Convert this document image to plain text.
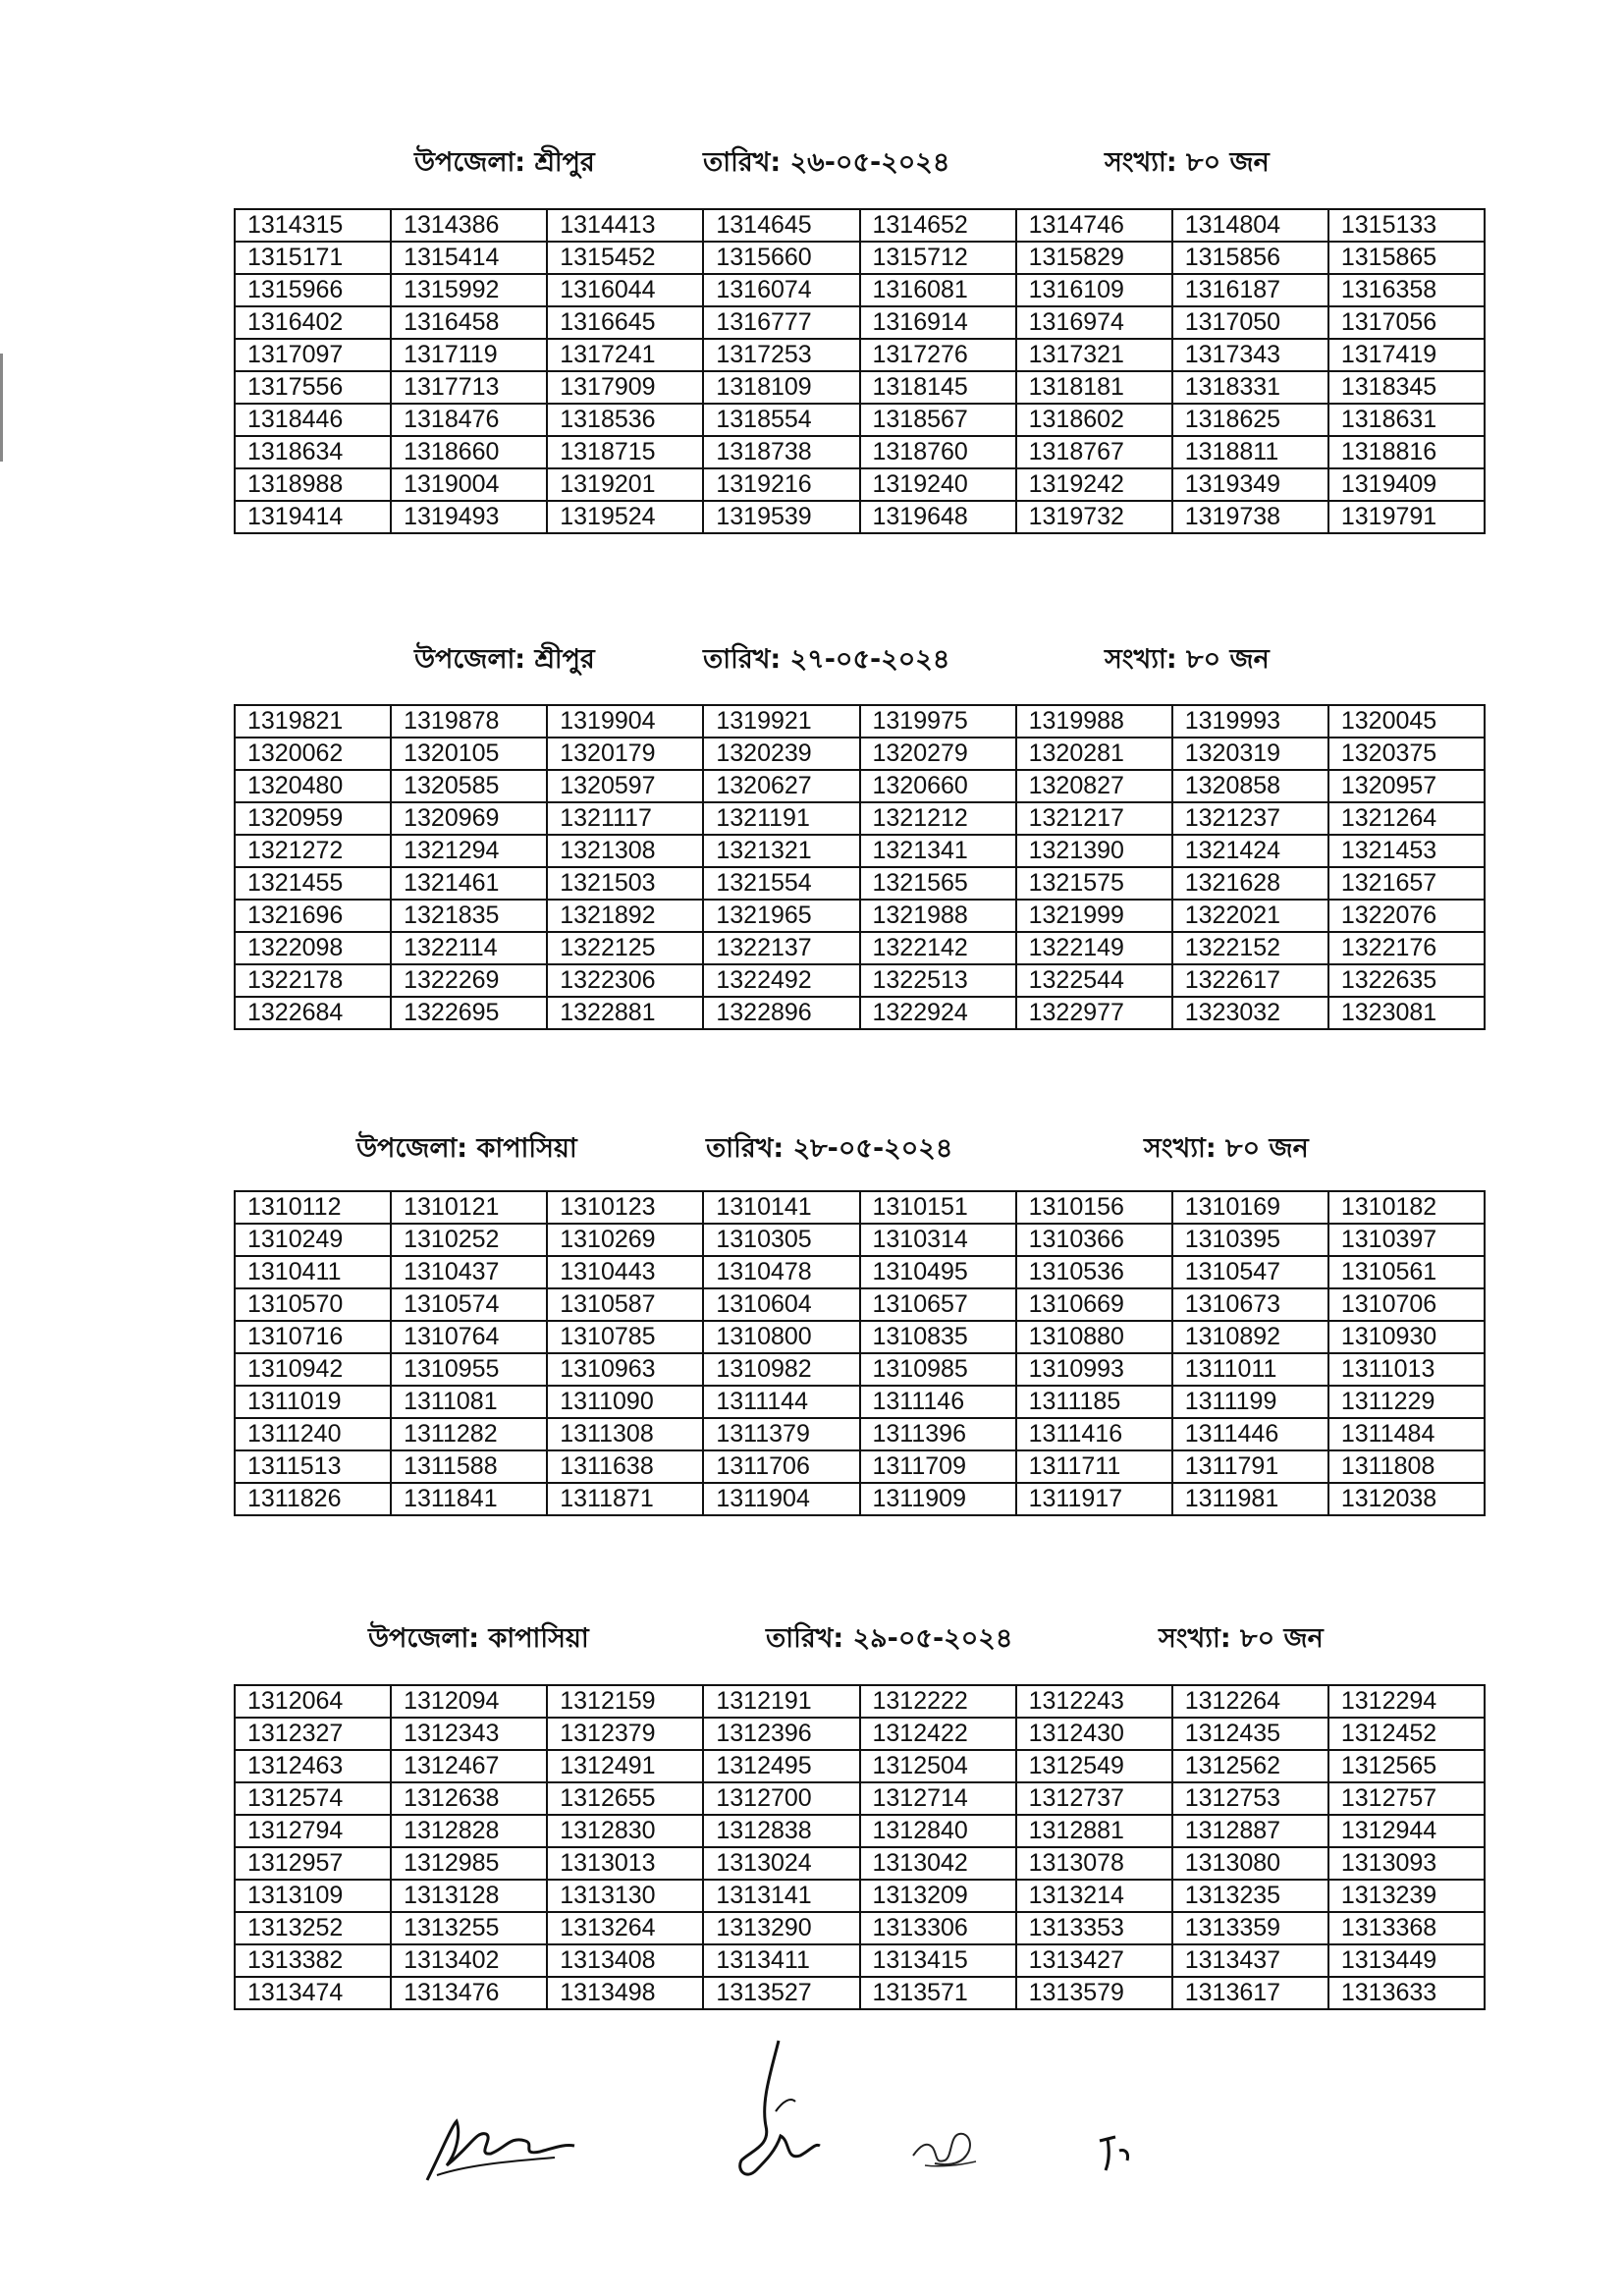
উপজেলা: শ্রীপুর	তারিখ: ২৬-০৫-২০২৪	সংখ্যা: ৮০ জন
1314315	1314386	1314413	1314645	1314652	1314746	1314804	1315133
1315171	1315414	1315452	1315660	1315712	1315829	1315856	1315865
1315966	1315992	1316044	1316074	1316081	1316109	1316187	1316358
1316402	1316458	1316645	1316777	1316914	1316974	1317050	1317056
1317097	1317119	1317241	1317253	1317276	1317321	1317343	1317419
1317556	1317713	1317909	1318109	1318145	1318181	1318331	1318345
1318446	1318476	1318536	1318554	1318567	1318602	1318625	1318631
1318634	1318660	1318715	1318738	1318760	1318767	1318811	1318816
1318988	1319004	1319201	1319216	1319240	1319242	1319349	1319409
1319414	1319493	1319524	1319539	1319648	1319732	1319738	1319791
উপজেলা: শ্রীপুর	তারিখ: ২৭-০৫-২০২৪	সংখ্যা: ৮০ জন
1319821	1319878	1319904	1319921	1319975	1319988	1319993	1320045
1320062	1320105	1320179	1320239	1320279	1320281	1320319	1320375
1320480	1320585	1320597	1320627	1320660	1320827	1320858	1320957
1320959	1320969	1321117	1321191	1321212	1321217	1321237	1321264
1321272	1321294	1321308	1321321	1321341	1321390	1321424	1321453
1321455	1321461	1321503	1321554	1321565	1321575	1321628	1321657
1321696	1321835	1321892	1321965	1321988	1321999	1322021	1322076
1322098	1322114	1322125	1322137	1322142	1322149	1322152	1322176
1322178	1322269	1322306	1322492	1322513	1322544	1322617	1322635
1322684	1322695	1322881	1322896	1322924	1322977	1323032	1323081
উপজেলা: কাপাসিয়া	তারিখ: ২৮-০৫-২০২৪	সংখ্যা: ৮০ জন
1310112	1310121	1310123	1310141	1310151	1310156	1310169	1310182
1310249	1310252	1310269	1310305	1310314	1310366	1310395	1310397
1310411	1310437	1310443	1310478	1310495	1310536	1310547	1310561
1310570	1310574	1310587	1310604	1310657	1310669	1310673	1310706
1310716	1310764	1310785	1310800	1310835	1310880	1310892	1310930
1310942	1310955	1310963	1310982	1310985	1310993	1311011	1311013
1311019	1311081	1311090	1311144	1311146	1311185	1311199	1311229
1311240	1311282	1311308	1311379	1311396	1311416	1311446	1311484
1311513	1311588	1311638	1311706	1311709	1311711	1311791	1311808
1311826	1311841	1311871	1311904	1311909	1311917	1311981	1312038
উপজেলা: কাপাসিয়া	তারিখ: ২৯-০৫-২০২৪	সংখ্যা: ৮০ জন
1312064	1312094	1312159	1312191	1312222	1312243	1312264	1312294
1312327	1312343	1312379	1312396	1312422	1312430	1312435	1312452
1312463	1312467	1312491	1312495	1312504	1312549	1312562	1312565
1312574	1312638	1312655	1312700	1312714	1312737	1312753	1312757
1312794	1312828	1312830	1312838	1312840	1312881	1312887	1312944
1312957	1312985	1313013	1313024	1313042	1313078	1313080	1313093
1313109	1313128	1313130	1313141	1313209	1313214	1313235	1313239
1313252	1313255	1313264	1313290	1313306	1313353	1313359	1313368
1313382	1313402	1313408	1313411	1313415	1313427	1313437	1313449
1313474	1313476	1313498	1313527	1313571	1313579	1313617	1313633
